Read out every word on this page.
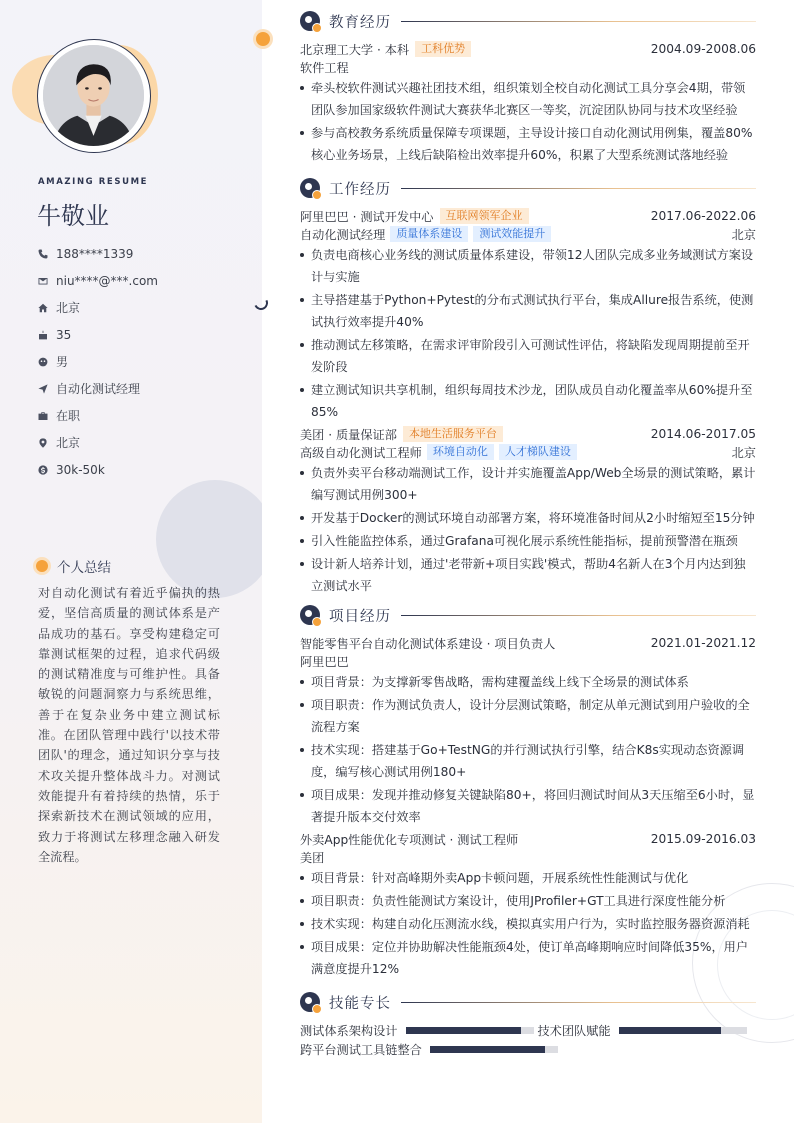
AMAZING RESUME
牛敬业
188****1339
niu****@***.com
北京
35
男
自动化测试经理
在职
北京
30k-50k
个人总结
对自动化测试有着近乎偏执的热爱，坚信高质量的测试体系是产品成功的基石。享受构建稳定可靠测试框架的过程，追求代码级的测试精准度与可维护性。具备敏锐的问题洞察力与系统思维，善于在复杂业务中建立测试标准。在团队管理中践行'以技术带团队'的理念，通过知识分享与技术攻关提升整体战斗力。对测试效能提升有着持续的热情，乐于探索新技术在测试领域的应用，致力于将测试左移理念融入研发全流程。
教育经历
北京理工大学 · 本科	工科优势	2004.09-2008.06
软件工程
牵头校软件测试兴趣社团技术组，组织策划全校自动化测试工具分享会4期，带领团队参加国家级软件测试大赛获华北赛区一等奖，沉淀团队协同与技术攻坚经验
参与高校教务系统质量保障专项课题，主导设计接口自动化测试用例集，覆盖80%核心业务场景，上线后缺陷检出效率提升60%，积累了大型系统测试落地经验
工作经历
阿里巴巴 · 测试开发中心	互联网领军企业	2017.06-2022.06
自动化测试经理	质量体系建设	测试效能提升	北京
负责电商核心业务线的测试质量体系建设，带领12人团队完成多业务域测试方案设计与实施
主导搭建基于Python+Pytest的分布式测试执行平台，集成Allure报告系统，使测试执行效率提升40%
推动测试左移策略，在需求评审阶段引入可测试性评估，将缺陷发现周期提前至开发阶段
建立测试知识共享机制，组织每周技术沙龙，团队成员自动化覆盖率从60%提升至85%
美团 · 质量保证部	本地生活服务平台	2014.06-2017.05
高级自动化测试工程师	环境自动化	人才梯队建设	北京
负责外卖平台移动端测试工作，设计并实施覆盖App/Web全场景的测试策略，累计编写测试用例300+
开发基于Docker的测试环境自动部署方案，将环境准备时间从2小时缩短至15分钟
引入性能监控体系，通过Grafana可视化展示系统性能指标，提前预警潜在瓶颈
设计新人培养计划，通过'老带新+项目实践'模式，帮助4名新人在3个月内达到独立测试水平
项目经历
智能零售平台自动化测试体系建设 · 项目负责人	2021.01-2021.12
阿里巴巴
项目背景：为支撑新零售战略，需构建覆盖线上线下全场景的测试体系
项目职责：作为测试负责人，设计分层测试策略，制定从单元测试到用户验收的全流程方案
技术实现：搭建基于Go+TestNG的并行测试执行引擎，结合K8s实现动态资源调度，编写核心测试用例180+
项目成果：发现并推动修复关键缺陷80+，将回归测试时间从3天压缩至6小时，显著提升版本交付效率
外卖App性能优化专项测试 · 测试工程师	2015.09-2016.03
美团
项目背景：针对高峰期外卖App卡顿问题，开展系统性性能测试与优化
项目职责：负责性能测试方案设计，使用JProfiler+GT工具进行深度性能分析
技术实现：构建自动化压测流水线，模拟真实用户行为，实时监控服务器资源消耗
项目成果：定位并协助解决性能瓶颈4处，使订单高峰期响应时间降低35%，用户满意度提升12%
技能专长
测试体系架构设计	技术团队赋能
跨平台测试工具链整合
